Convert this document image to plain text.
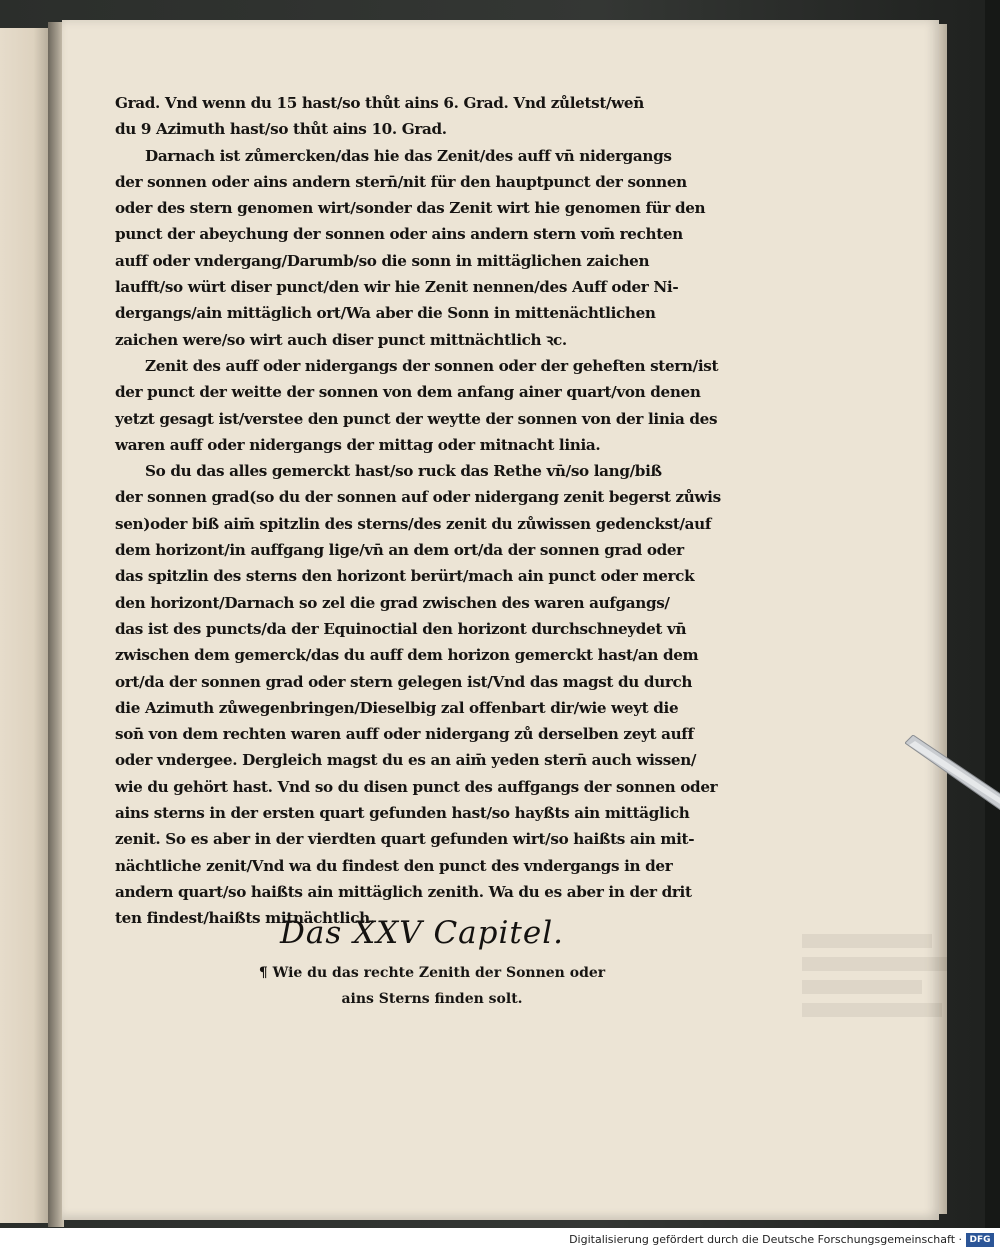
Grad. Vnd wenn du 15 hast/so thůt ains 6. Grad. Vnd zůletst/wen̄
du 9 Azimuth hast/so thůt ains 10. Grad.
Darnach ist zůmercken/das hie das Zenit/des auff vn̄ nidergangs
der sonnen oder ains andern stern̄/nit für den hauptpunct der sonnen
oder des stern genomen wirt/sonder das Zenit wirt hie genomen für den
punct der abeychung der sonnen oder ains andern stern vom̄ rechten
auff oder vndergang/Darumb/so die sonn in mittäglichen zaichen
laufft/so würt diser punct/den wir hie Zenit nennen/des Auff oder Ni-
dergangs/ain mittäglich ort/Wa aber die Sonn in mittenächtlichen
zaichen were/so wirt auch diser punct mittnächtlich ꝛc.
Zenit des auff oder nidergangs der sonnen oder der geheften stern/ist
der punct der weitte der sonnen von dem anfang ainer quart/von denen
yetzt gesagt ist/verstee den punct der weytte der sonnen von der linia des
waren auff oder nidergangs der mittag oder mitnacht linia.
So du das alles gemerckt hast/so ruck das Rethe vn̄/so lang/biß
der sonnen grad(so du der sonnen auf oder nidergang zenit begerst zůwis
sen)oder biß aim̄ spitzlin des sterns/des zenit du zůwissen gedenckst/auf
dem horizont/in auffgang lige/vn̄ an dem ort/da der sonnen grad oder
das spitzlin des sterns den horizont berürt/mach ain punct oder merck
den horizont/Darnach so zel die grad zwischen des waren aufgangs/
das ist des puncts/da der Equinoctial den horizont durchschneydet vn̄
zwischen dem gemerck/das du auff dem horizon gemerckt hast/an dem
ort/da der sonnen grad oder stern gelegen ist/Vnd das magst du durch
die Azimuth zůwegenbringen/Dieselbig zal offenbart dir/wie weyt die
son̄ von dem rechten waren auff oder nidergang zů derselben zeyt auff
oder vndergee. Dergleich magst du es an aim̄ yeden stern̄ auch wissen/
wie du gehört hast. Vnd so du disen punct des auffgangs der sonnen oder
ains sterns in der ersten quart gefunden hast/so hayßts ain mittäglich
zenit. So es aber in der vierdten quart gefunden wirt/so haißts ain mit-
nächtliche zenit/Vnd wa du findest den punct des vndergangs in der
andern quart/so haißts ain mittäglich zenith. Wa du es aber in der drit
ten findest/haißts mitnächtlich.
Das XXV Capitel.
¶ Wie du das rechte Zenith der Sonnen oder
ains Sterns finden solt.
Digitalisierung gefördert durch die Deutsche Forschungsgemeinschaft · DFG
